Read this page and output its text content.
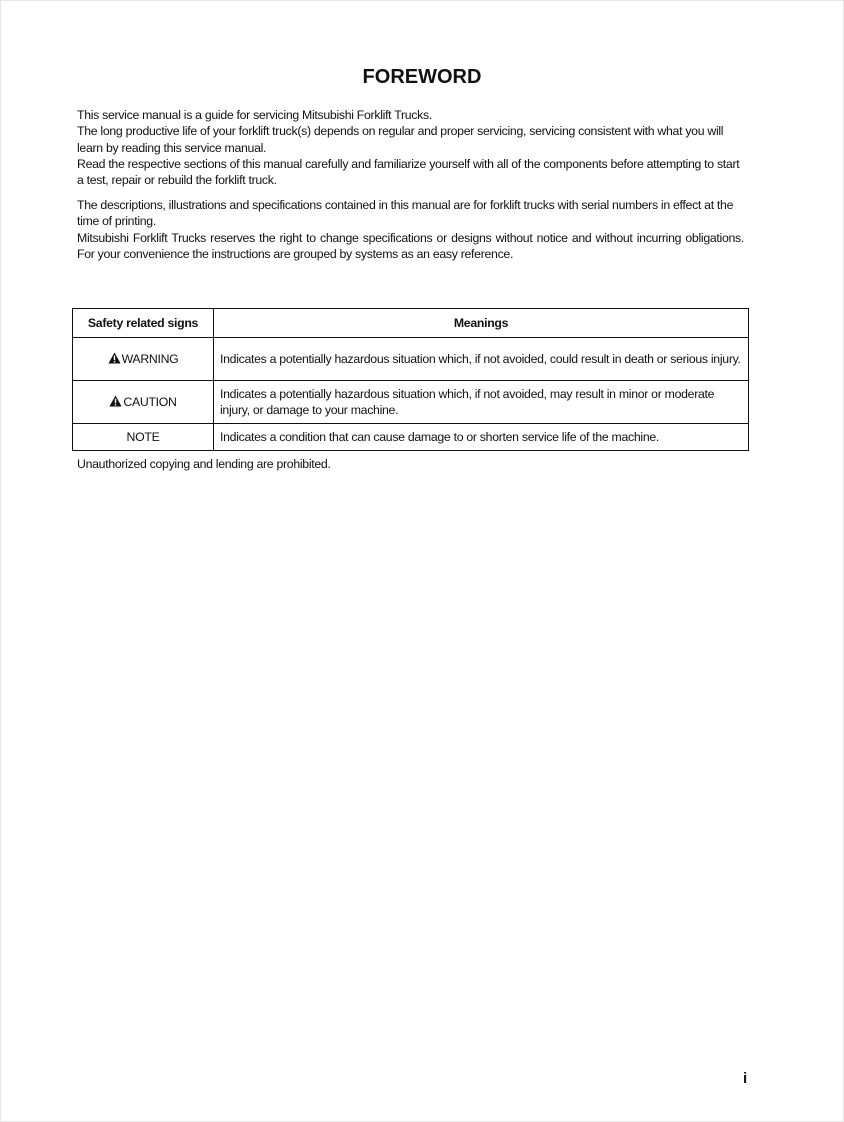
FOREWORD

This service manual is a guide for servicing Mitsubishi Forklift Trucks.

The long productive life of your forklift truck(s) depends on regular and proper servicing, servicing consistent with what you will learn by reading this service manual.

Read the respective sections of this manual carefully and familiarize yourself with all of the components before attempting to start a test, repair or rebuild the forklift truck.

The descriptions, illustrations and specifications contained in this manual are for forklift trucks with serial numbers in effect at the time of printing.

Mitsubishi Forklift Trucks reserves the right to change specifications or designs without notice and without incurring obligations. For your convenience the instructions are grouped by systems as an easy reference.

Safety related signs	Meanings
WARNING	Indicates a potentially hazardous situation which, if not avoided, could result in death or serious injury.
CAUTION	Indicates a potentially hazardous situation which, if not avoided, may result in minor or moderate injury, or damage to your machine.
NOTE	Indicates a condition that can cause damage to or shorten service life of the machine.
Unauthorized copying and lending are prohibited.
i
